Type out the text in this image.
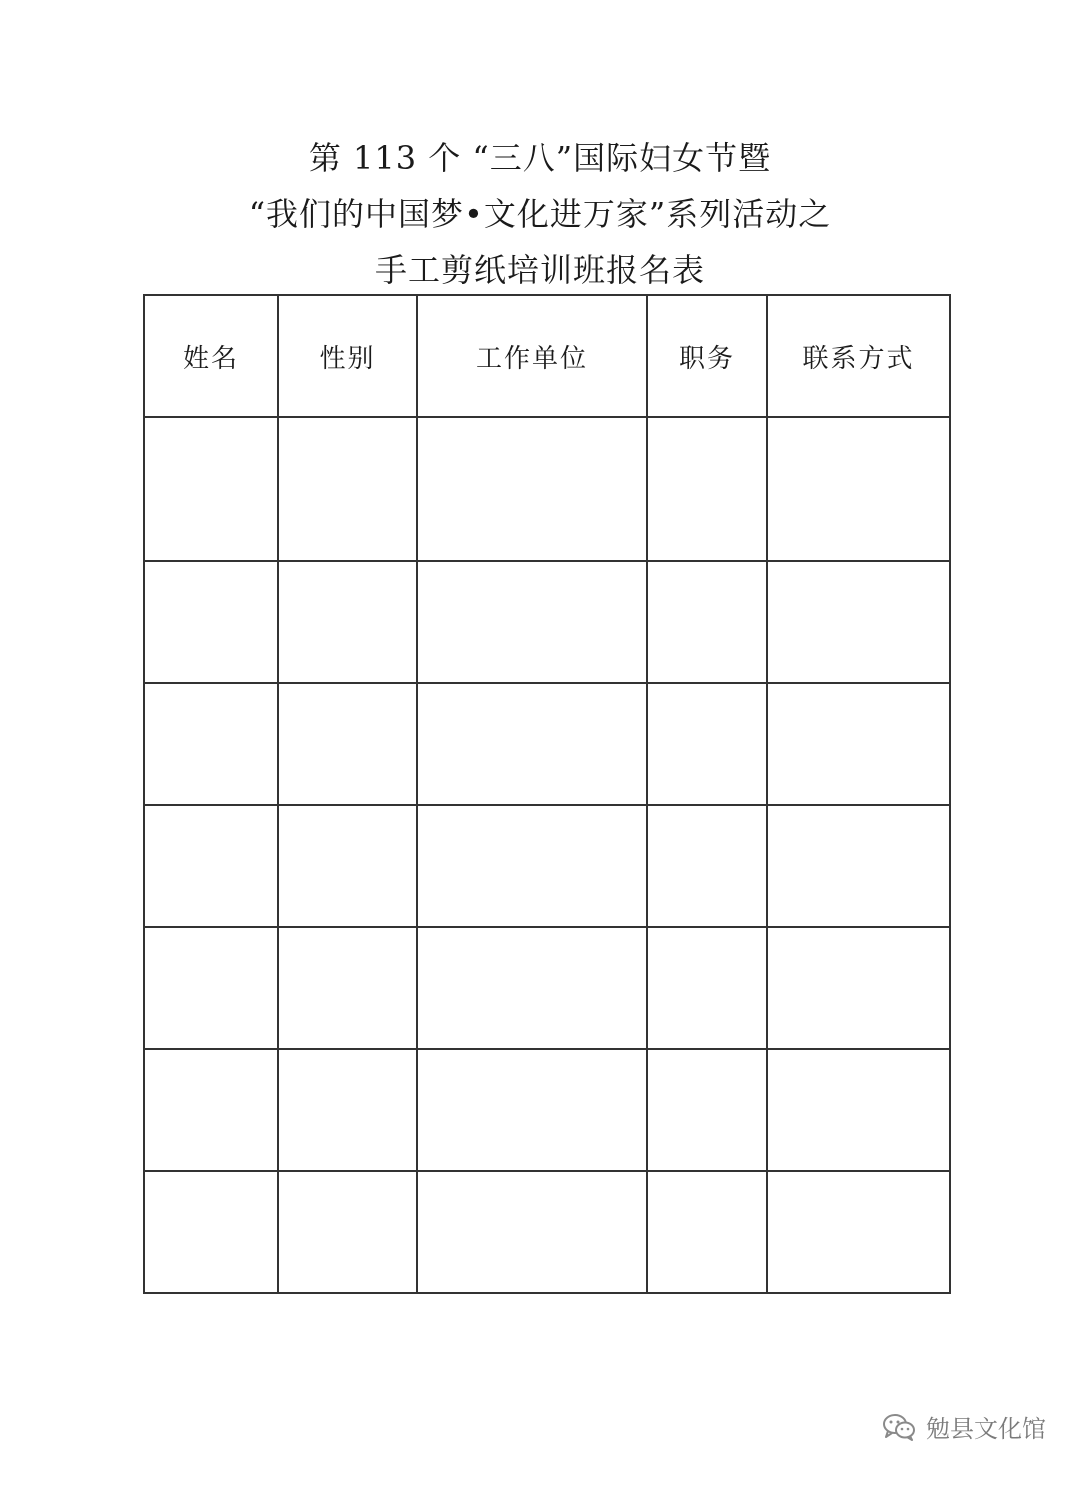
第 113 个 “三八”国际妇女节暨
“我们的中国梦•文化进万家”系列活动之
手工剪纸培训班报名表
姓名	性别	工作单位	职务	联系方式

勉县文化馆
